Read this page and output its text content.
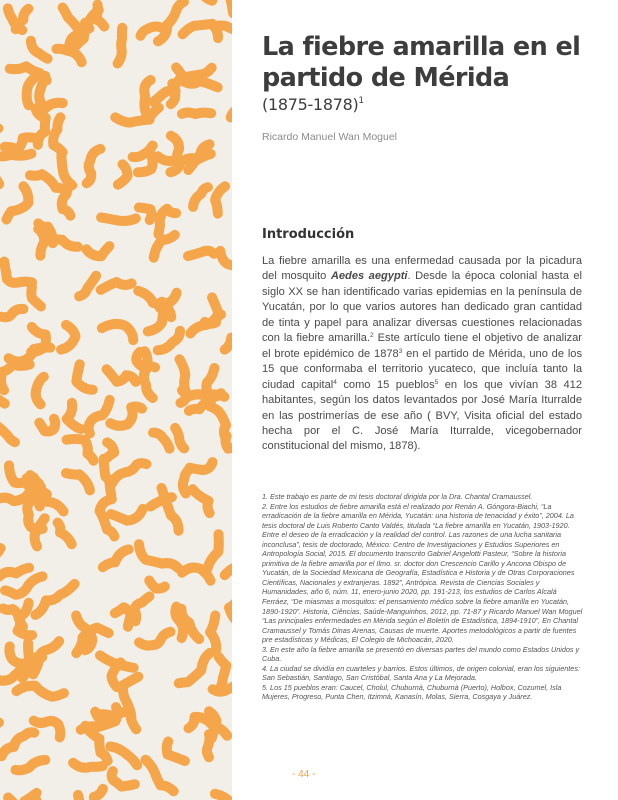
La fiebre amarilla en el partido de Mérida
(1875-1878)$^1$
Ricardo Manuel Wan Moguel
Introducción

La fiebre amarilla es una enfermedad causada por la picadura del mosquito Aedes aegypti. Desde la época colonial hasta el siglo XX se han identificado varias epidemias en la península de Yucatán, por lo que varios autores han dedicado gran cantidad de tinta y papel para analizar diversas cuestiones relacionadas con la fiebre amarilla.$^2$ Este artículo tiene el objetivo de analizar el brote epidémico de 1878$^3$ en el partido de Mérida, uno de los 15 que conformaba el territorio yucateco, que incluía tanto la ciudad capital$^4$ como 15 pueblos$^5$ en los que vivían 38 412 habitantes, según los datos levantados por José María Iturralde en las postrimerías de ese año ( BVY, Visita oficial del estado hecha por el C. José María Iturralde, vicegobernador constitucional del mismo, 1878).

1. Este trabajo es parte de mi tesis doctoral dirigida por la Dra. Chantal Cramaussel.

2. Entre los estudios de fiebre amarilla está el realizado por Renán A. Góngora-Biachi, “La erradicación de la fiebre amarilla en Mérida, Yucatán: una historia de tenacidad y éxito”, 2004. La tesis doctoral de Luis Roberto Canto Valdés, titulada “La fiebre amarilla en Yucatán, 1903-1920. Entre el deseo de la erradicación y la realidad del control. Las razones de una lucha sanitaria inconclusa”, tesis de doctorado, México: Centro de Investigaciones y Estudios Superiores en Antropología Social, 2015. El documento transcrito Gabriel Angelotti Pasteur, “Sobre la historia primitiva de la fiebre amarilla por el Ilmo. sr. doctor don Crescencio Carillo y Ancona Obispo de Yucatán, de la Sociedad Mexicana de Geografía, Estadística e Historia y de Otras Corporaciones Científicas, Nacionales y extranjeras. 1892”, Antrópica. Revista de Ciencias Sociales y Humanidades, año 6, núm. 11, enero-junio 2020, pp. 191-213, los estudios de Carlos Alcalá Ferráez, “De miasmas a mosquitos: el pensamiento médico sobre la fiebre amarilla en Yucatán, 1890-1920”. Historia, Ciências, Saúde-Manguinhos, 2012, pp. 71-87 y Ricardo Manuel Wan Moguel “Las principales enfermedades en Mérida según el Boletín de Estadística, 1894-1910”, En Chantal Cramaussel y Tomás Dinas Arenas, Causas de muerte. Aportes metodológicos a partir de fuentes pre estadísticas y Médicas, El Colegio de Michoacán, 2020.

3. En este año la fiebre amarilla se presentó en diversas partes del mundo como Estados Unidos y Cuba.

4. La ciudad se dividía en cuarteles y barrios. Estos últimos, de origen colonial, eran los siguientes: San Sebastián, Santiago, San Cristóbal, Santa Ana y La Mejorada.

5. Los 15 pueblos eran: Caucel, Cholul, Chuburnà, Chuburnà (Puerto), Holbox, Cozumel, Isla Mujeres, Progreso, Punta Chen, Itzimná, Kanasín, Molas, Sierra, Cosgaya y Juárez.

- 44 -
